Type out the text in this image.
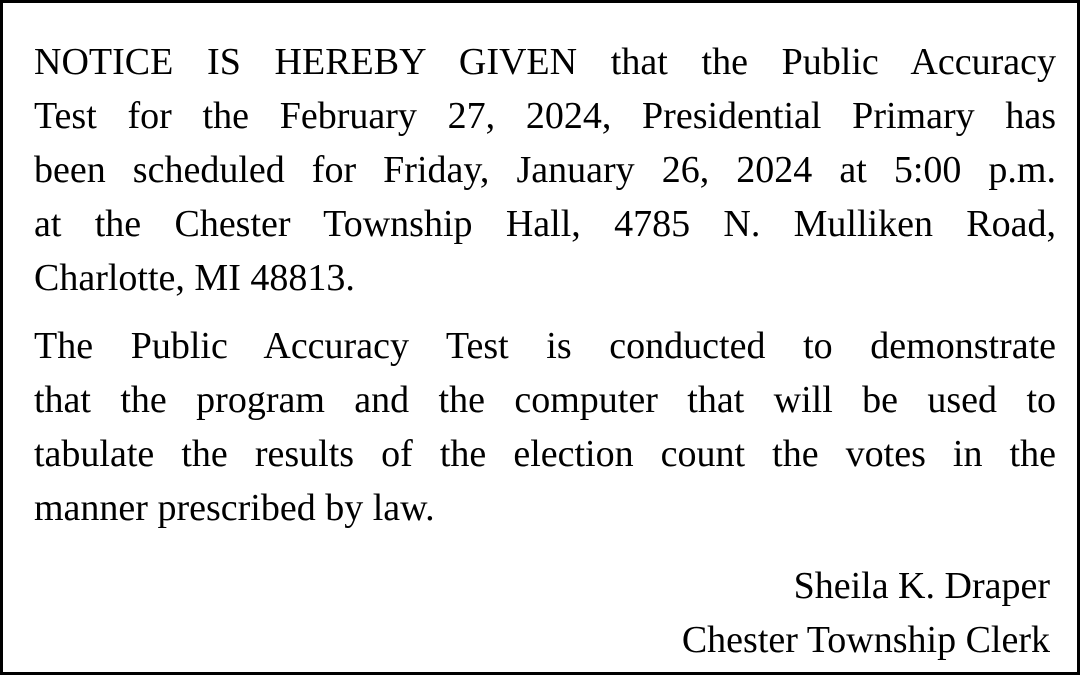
NOTICE IS HEREBY GIVEN that the Public Accuracy
Test for the February 27, 2024, Presidential Primary has
been scheduled for Friday, January 26, 2024 at 5:00 p.m.
at the Chester Township Hall, 4785 N. Mulliken Road,
Charlotte, MI 48813.

The Public Accuracy Test is conducted to demonstrate
that the program and the computer that will be used to
tabulate the results of the election count the votes in the
manner prescribed by law.

Sheila K. Draper
Chester Township Clerk
